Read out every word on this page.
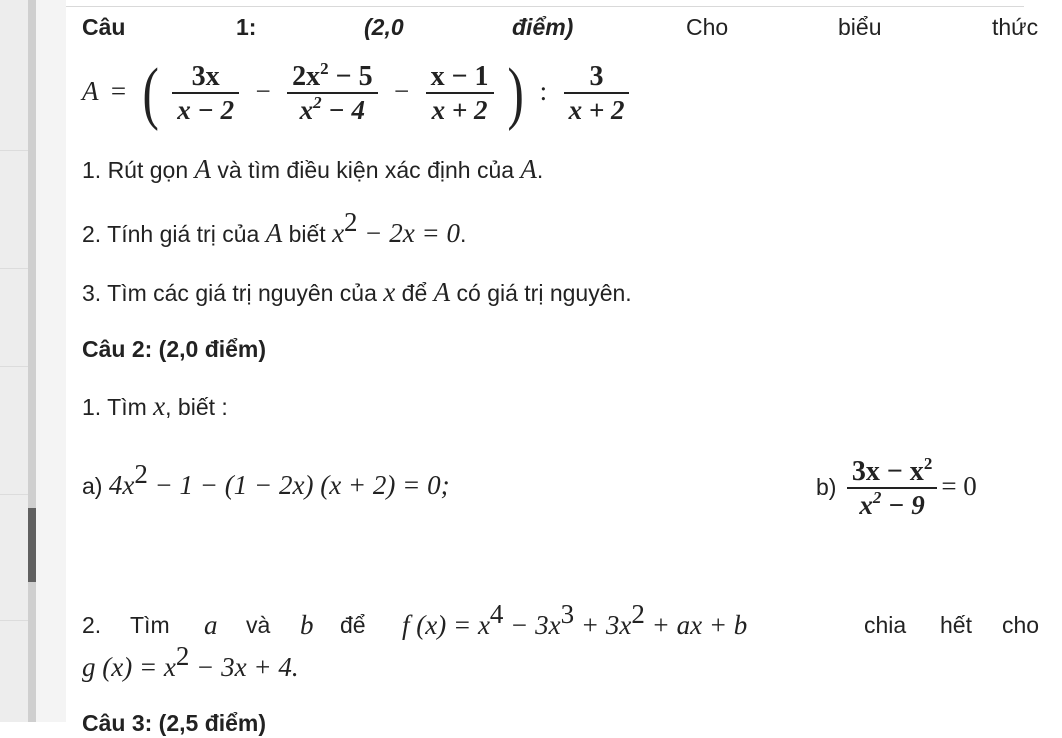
Câu	1:	(2,0	điểm)	Cho	biểu	thức
A = ( $\frac{3x}{x - 2} - \frac{2x^2 - 5}{x^2 - 4} - \frac{x - 1}{x + 2}$ ) : $\frac{3}{x + 2}$
1. Rút gọn A và tìm điều kiện xác định của A.
2. Tính giá trị của A biết $x^2 - 2x = 0$.
3. Tìm các giá trị nguyên của x để A có giá trị nguyên.
Câu 2: (2,0 điểm)
1. Tìm x, biết :
a) $4x^2 - 1 - (1 - 2x) (x + 2) = 0$;	$b) \frac{3x - x^2}{x^2 - 9} = 0$
2. Tìm a và b để f $(x) = x^4 - 3x^3 + 3x^2$ + ax + b	chia hết cho
g $(x) = x^2 - 3x + 4$.
Câu 3: (2,5 điểm)
